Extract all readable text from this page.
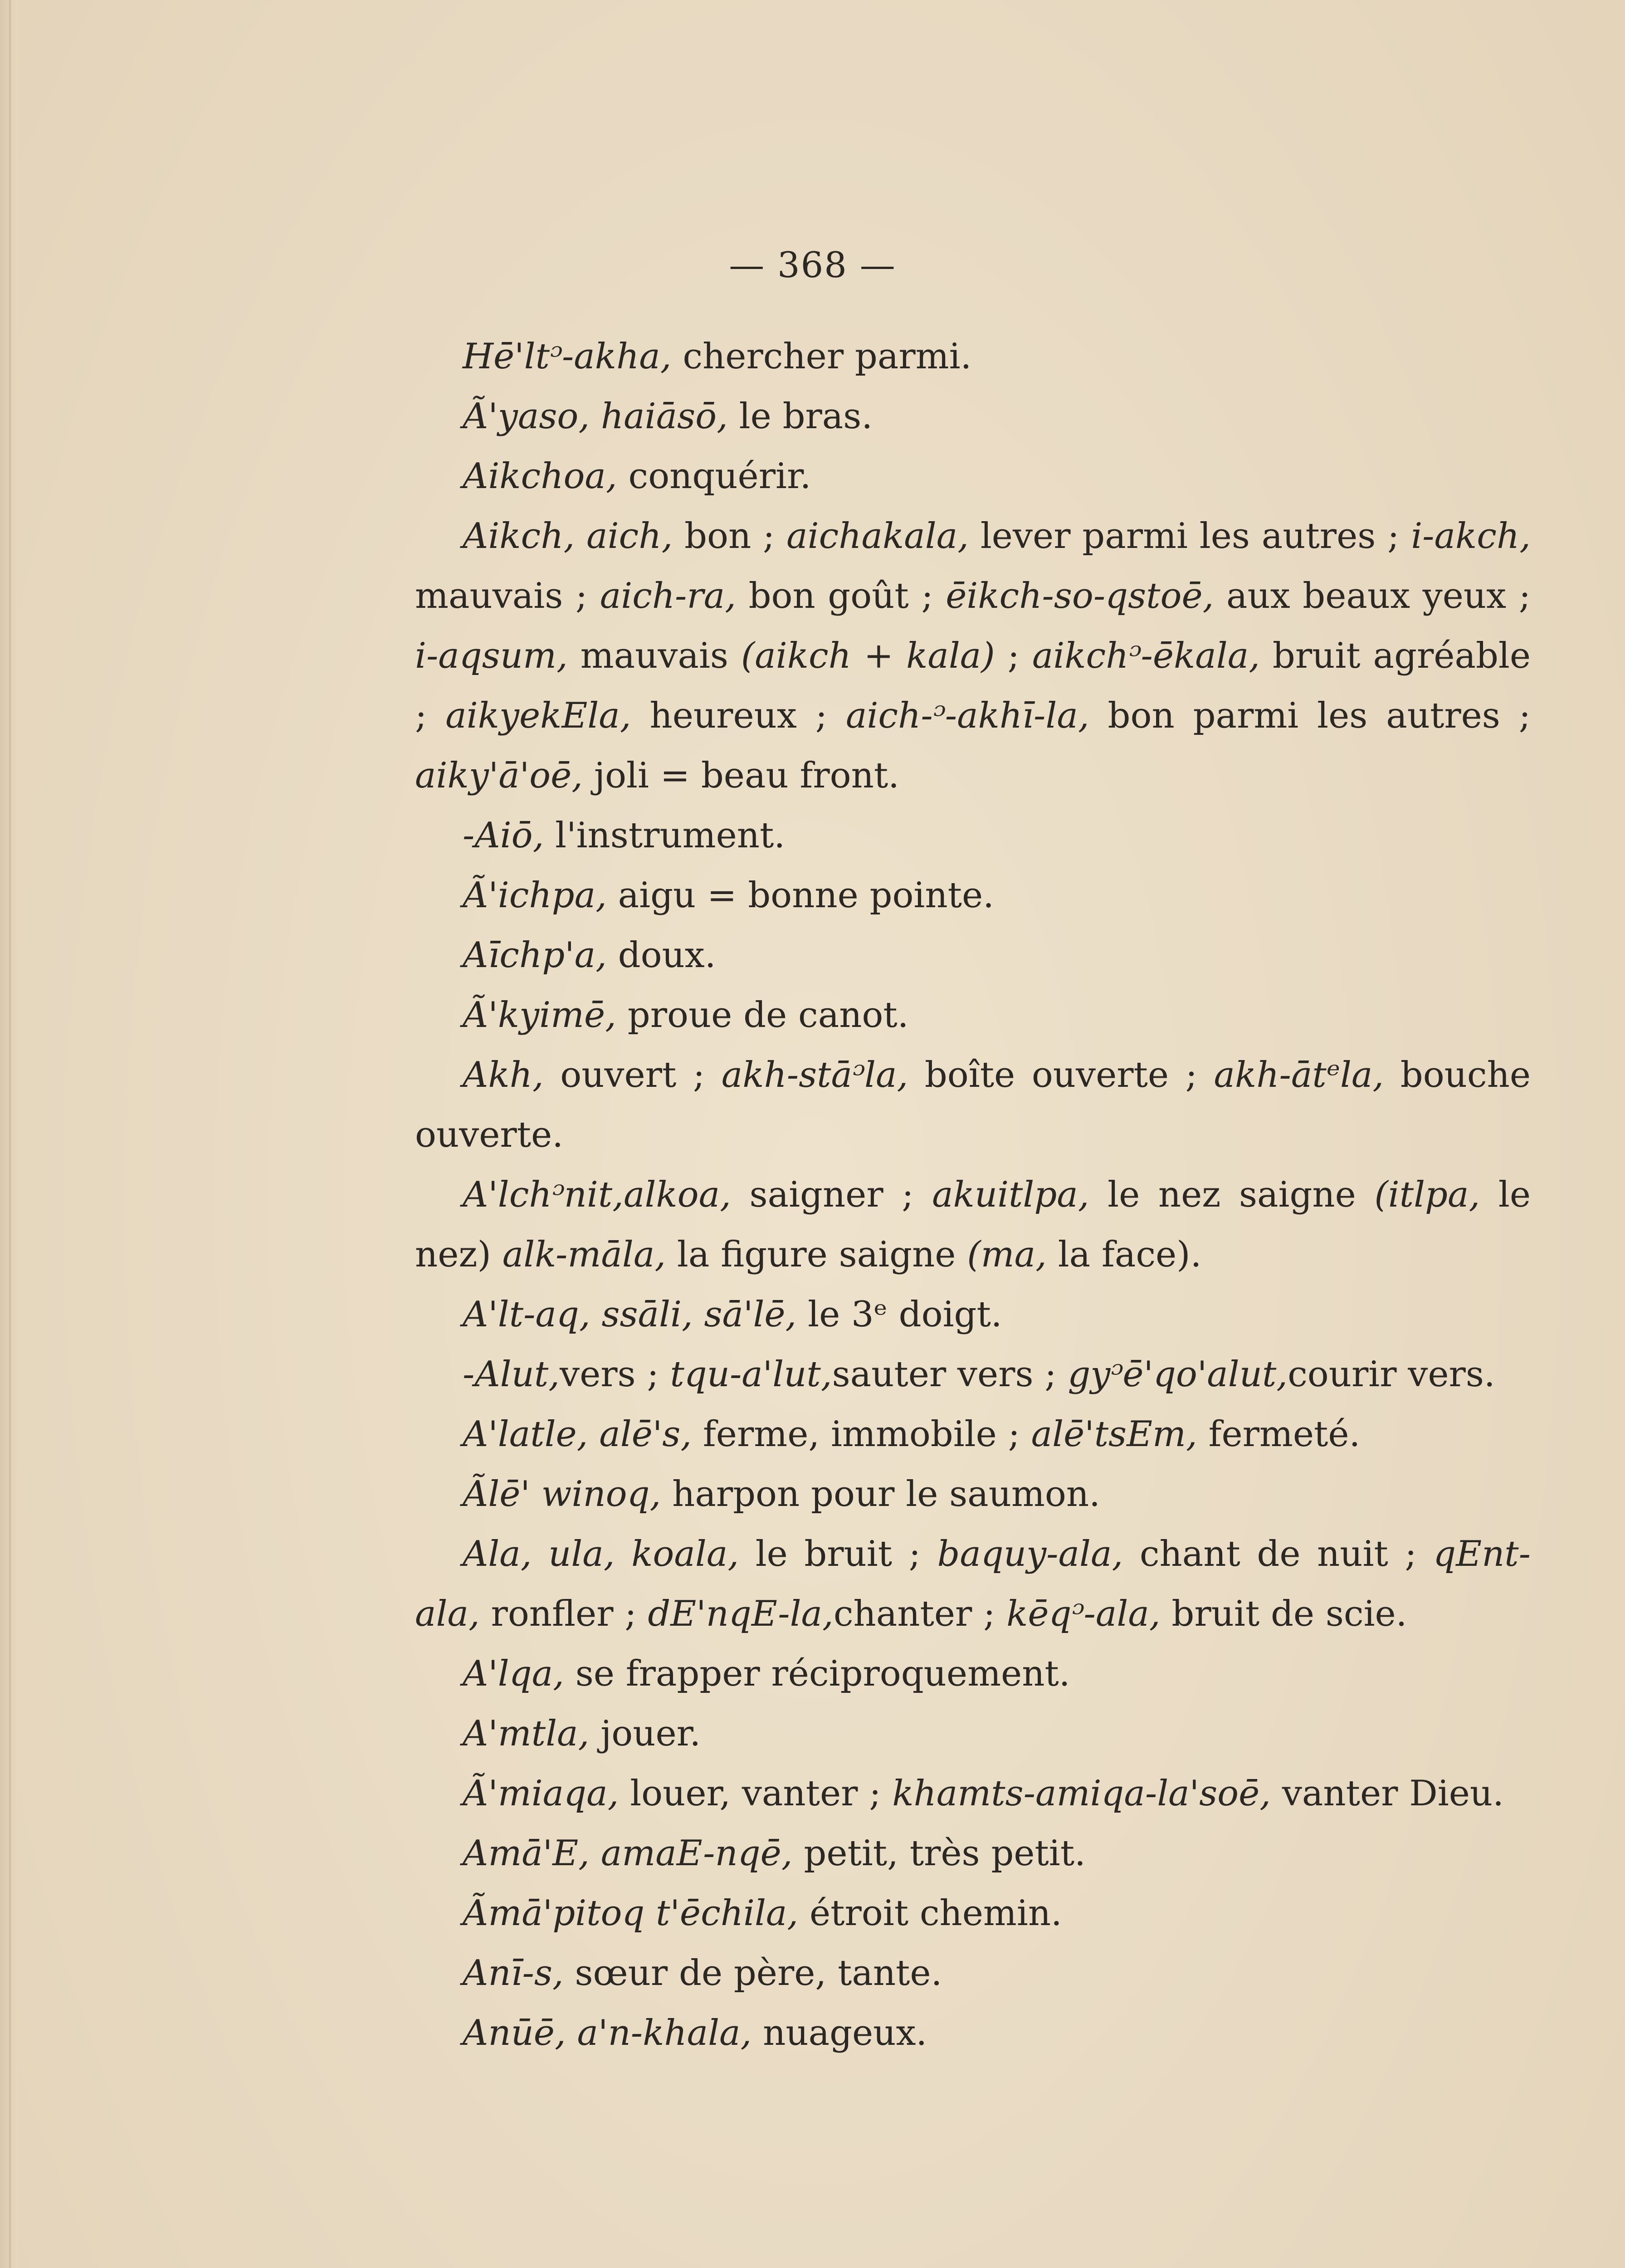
— 368 —

Hē'ltᵓ-akha, chercher parmi.

Ã'yaso, haiāsō, le bras.

Aikchoa, conquérir.

Aikch, aich, bon ; aichakala, lever parmi les autres ; i-akch, mauvais ; aich-ra, bon goût ; ēikch-so-qstoē, aux beaux yeux ; i-aqsum, mauvais (aikch + kala) ; aikchᵓ-ēkala, bruit agréable ; aikyekEla, heureux ; aich-ᵓ-akhī-la, bon parmi les autres ; aiky'ā'oē, joli = beau front.

-Aiō, l'instrument.

Ã'ichpa, aigu = bonne pointe.

Aīchp'a, doux.

Ã'kyimē, proue de canot.

Akh, ouvert ; akh-stāᵓla, boîte ouverte ; akh-ātᵉla, bouche ouverte.

A'lchᵓnit,alkoa, saigner ; akuitlpa, le nez saigne (itlpa, le nez) alk-māla, la figure saigne (ma, la face).

A'lt-aq, ssāli, sā'lē, le 3ᵉ doigt.

-Alut,vers ; tqu-a'lut,sauter vers ; gyᵓē'qo'alut,courir vers.

A'latle, alē's, ferme, immobile ; alē'tsEm, fermeté.

Ãlē' winoq, harpon pour le saumon.

Ala, ula, koala, le bruit ; baquy-ala, chant de nuit ; qEnt-ala, ronfler ; dE'nqE-la,chanter ; kēqᵓ-ala, bruit de scie.

A'lqa, se frapper réciproquement.

A'mtla, jouer.

Ã'miaqa, louer, vanter ; khamts-amiqa-la'soē, vanter Dieu.

Amā'E, amaE-nqē, petit, très petit.

Ãmā'pitoq t'ēchila, étroit chemin.

Anī-s, sœur de père, tante.

Anūē, a'n-khala, nuageux.
